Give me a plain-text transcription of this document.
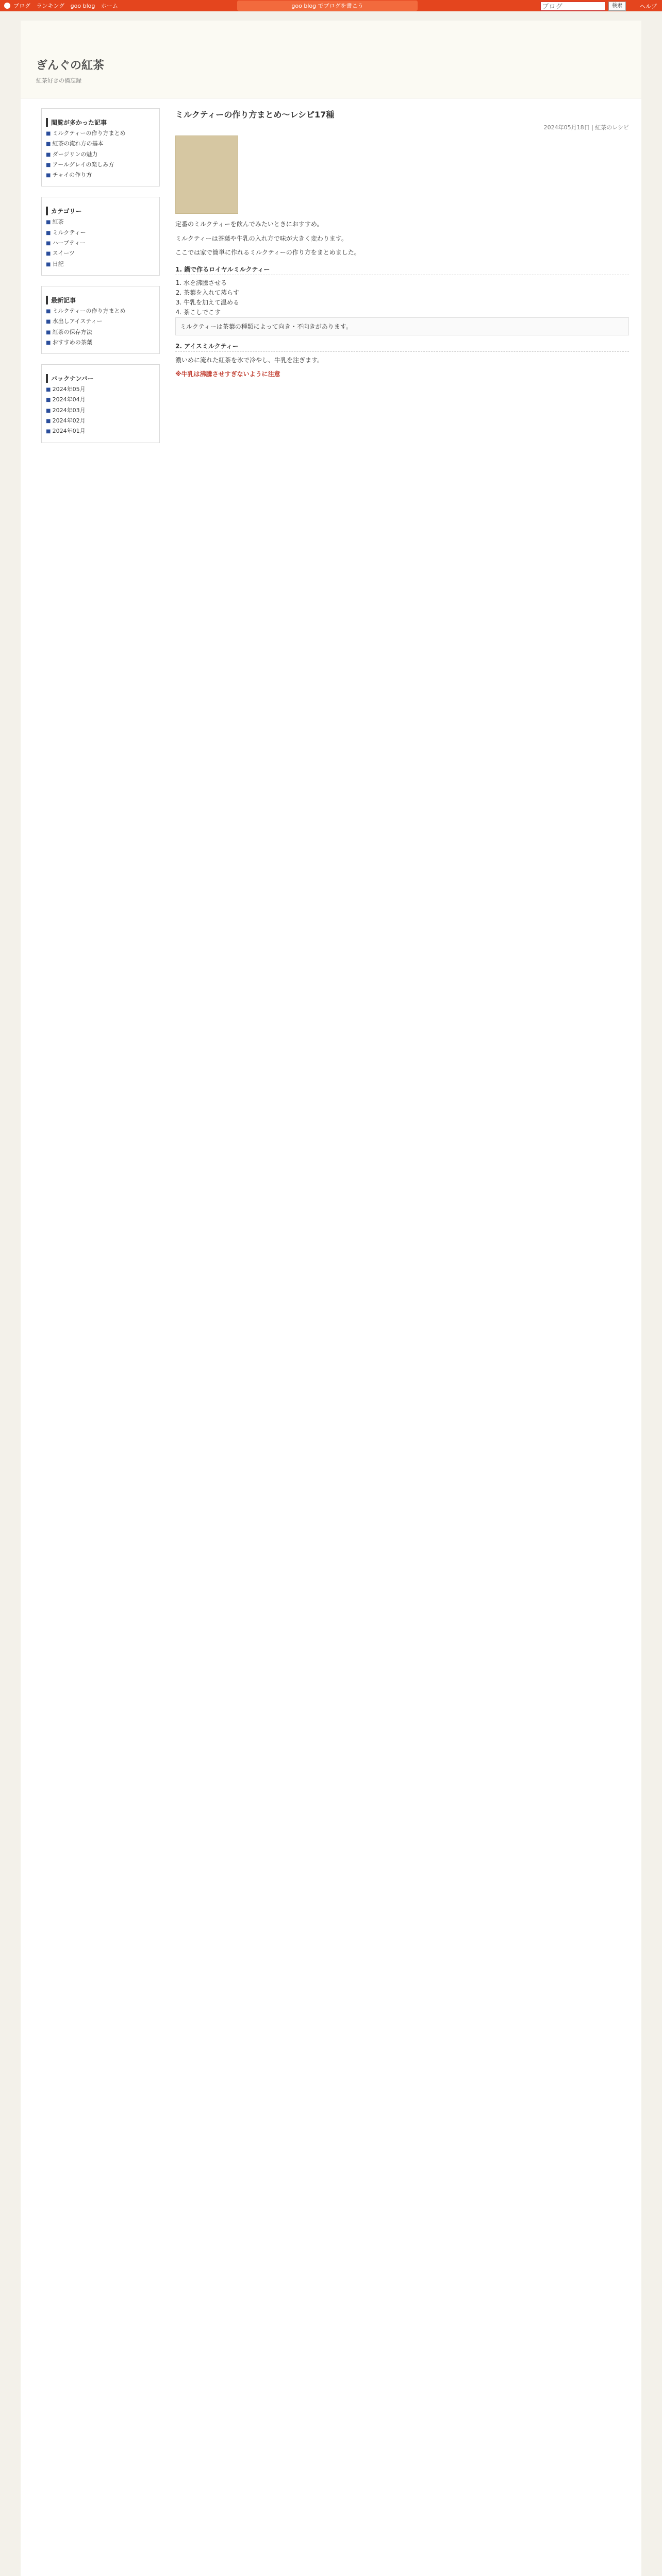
ブログ ランキング goo blog ホーム	goo blog でブログを書こう
ブログ	検索	ヘルプ
ぎんぐの紅茶
紅茶好きの備忘録
閲覧が多かった記事
■ ミルクティーの作り方まとめ
■ 紅茶の淹れ方の基本
■ ダージリンの魅力
■ アールグレイの楽しみ方
■ チャイの作り方
カテゴリー
■ 紅茶
■ ミルクティー
■ ハーブティー
■ スイーツ
■ 日記
最新記事
■ ミルクティーの作り方まとめ
■ 水出しアイスティー
■ 紅茶の保存方法
■ おすすめの茶葉
バックナンバー
■ 2024年05月
■ 2024年04月
■ 2024年03月
■ 2024年02月
■ 2024年01月
ミルクティーの作り方まとめ〜レシピ17種
2024年05月18日 | 紅茶のレシピ
定番のミルクティーを飲んでみたいときにおすすめ。
ミルクティーは茶葉や牛乳の入れ方で味が大きく変わります。
ここでは家で簡単に作れるミルクティーの作り方をまとめました。
1. 鍋で作るロイヤルミルクティー
1. 水を沸騰させる
2. 茶葉を入れて蒸らす
3. 牛乳を加えて温める
4. 茶こしでこす
ミルクティーは茶葉の種類によって向き・不向きがあります。
2. アイスミルクティー
濃いめに淹れた紅茶を氷で冷やし、牛乳を注ぎます。
※牛乳は沸騰させすぎないように注意
